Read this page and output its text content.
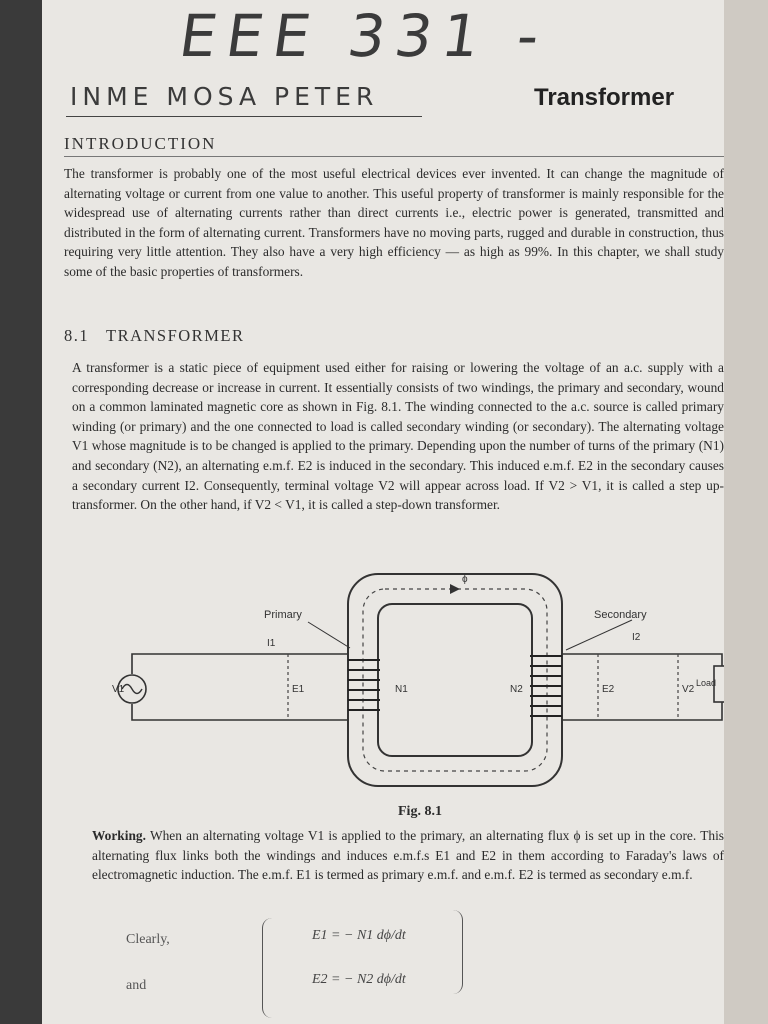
EEE 331 -
INME MOSA PETER	Transformer
INTRODUCTION
The transformer is probably one of the most useful electrical devices ever invented. It can change the magnitude of alternating voltage or current from one value to another. This useful property of transformer is mainly responsible for the widespread use of alternating currents rather than direct currents i.e., electric power is generated, transmitted and distributed in the form of alternating current. Transformers have no moving parts, rugged and durable in construction, thus requiring very little attention. They also have a very high efficiency — as high as 99%. In this chapter, we shall study some of the basic properties of transformers.
8.1 TRANSFORMER
A transformer is a static piece of equipment used either for raising or lowering the voltage of an a.c. supply with a corresponding decrease or increase in current. It essentially consists of two windings, the primary and secondary, wound on a common laminated magnetic core as shown in Fig. 8.1. The winding connected to the a.c. source is called primary winding (or primary) and the one connected to load is called secondary winding (or secondary). The alternating voltage V1 whose magnitude is to be changed is applied to the primary. Depending upon the number of turns of the primary (N1) and secondary (N2), an alternating e.m.f. E2 is induced in the secondary. This induced e.m.f. E2 in the secondary causes a secondary current I2. Consequently, terminal voltage V2 will appear across load. If V2 > V1, it is called a step up-transformer. On the other hand, if V2 < V1, it is called a step-down transformer.
Primary	Secondary
I1
I2
V1	E1	N1	N2	E2	V2
Load
ϕ
Fig. 8.1
Working. When an alternating voltage V1 is applied to the primary, an alternating flux ϕ is set up in the core. This alternating flux links both the windings and induces e.m.f.s E1 and E2 in them according to Faraday's laws of electromagnetic induction. The e.m.f. E1 is termed as primary e.m.f. and e.m.f. E2 is termed as secondary e.m.f.
Clearly,
and
E1 = − N1 dϕ/dt
E2 = − N2 dϕ/dt
